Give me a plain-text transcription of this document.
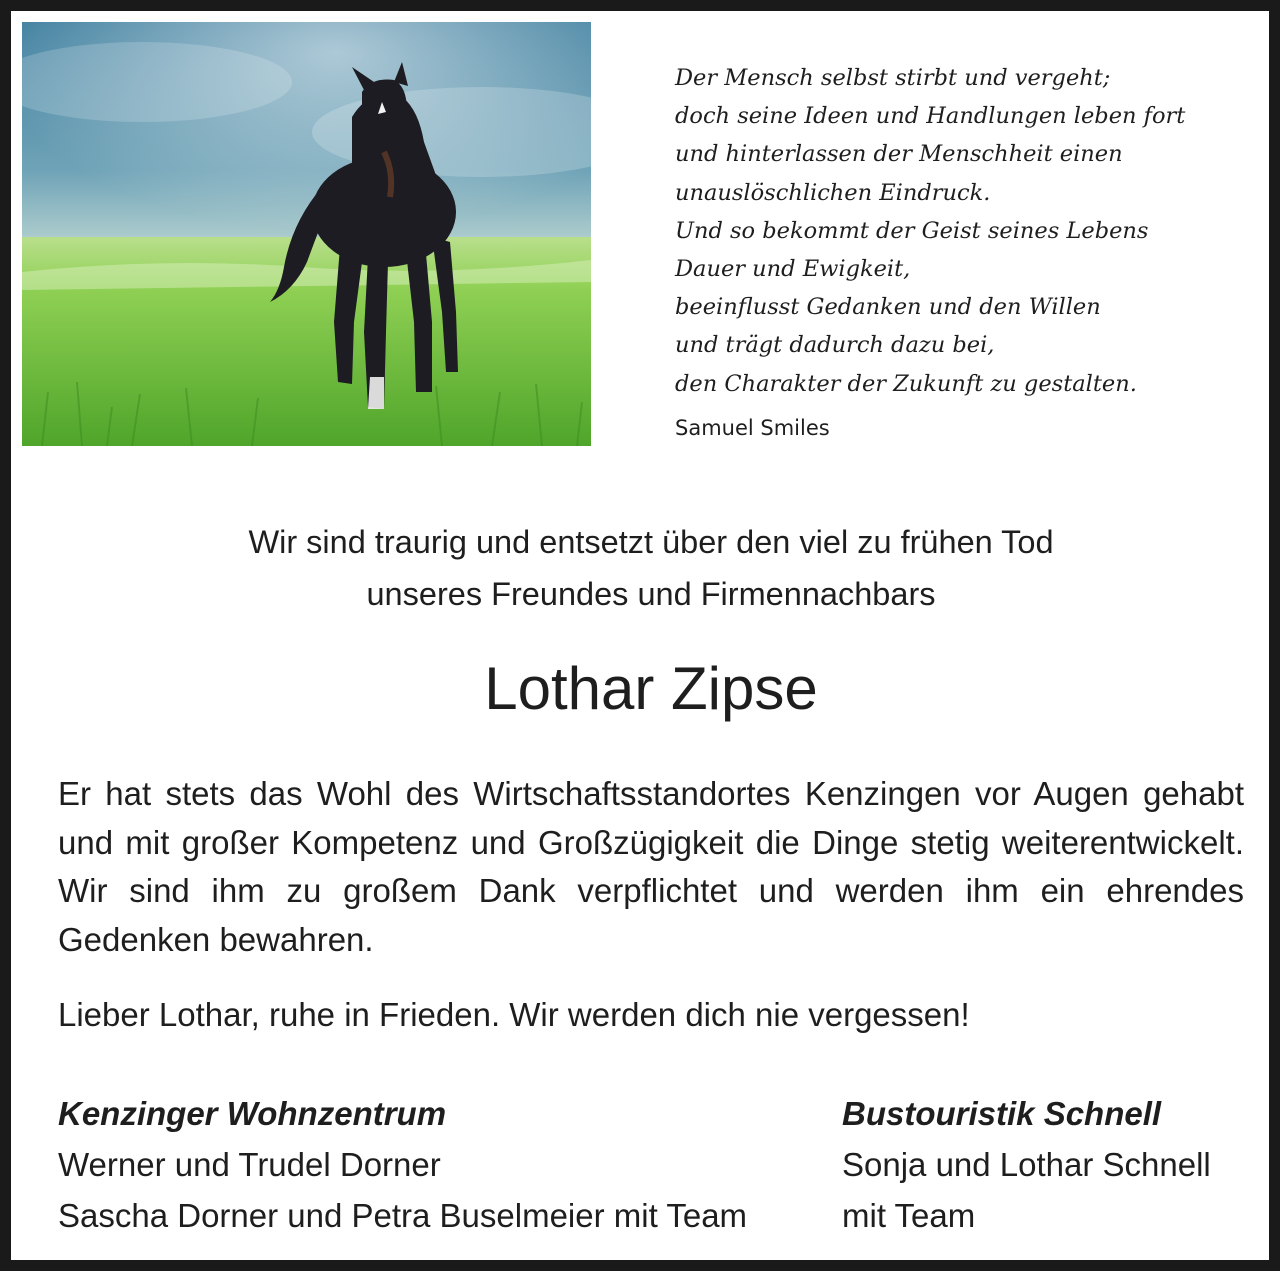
Der Mensch selbst stirbt und vergeht;
doch seine Ideen und Handlungen leben fort
und hinterlassen der Menschheit einen
unauslöschlichen Eindruck.
Und so bekommt der Geist seines Lebens
Dauer und Ewigkeit,
beeinflusst Gedanken und den Willen
und trägt dadurch dazu bei,
den Charakter der Zukunft zu gestalten.
Samuel Smiles
Wir sind traurig und entsetzt über den viel zu frühen Tod
unseres Freundes und Firmennachbars
Lothar Zipse
Er hat stets das Wohl des Wirtschaftsstandortes Kenzingen vor Augen gehabt und mit großer Kompetenz und Großzügigkeit die Dinge stetig weiterentwickelt. Wir sind ihm zu großem Dank verpflichtet und werden ihm ein ehrendes Gedenken bewahren.
Lieber Lothar, ruhe in Frieden. Wir werden dich nie vergessen!
Kenzinger Wohnzentrum
Werner und Trudel Dorner
Sascha Dorner und Petra Buselmeier mit Team
Bustouristik Schnell
Sonja und Lothar Schnell
mit Team
